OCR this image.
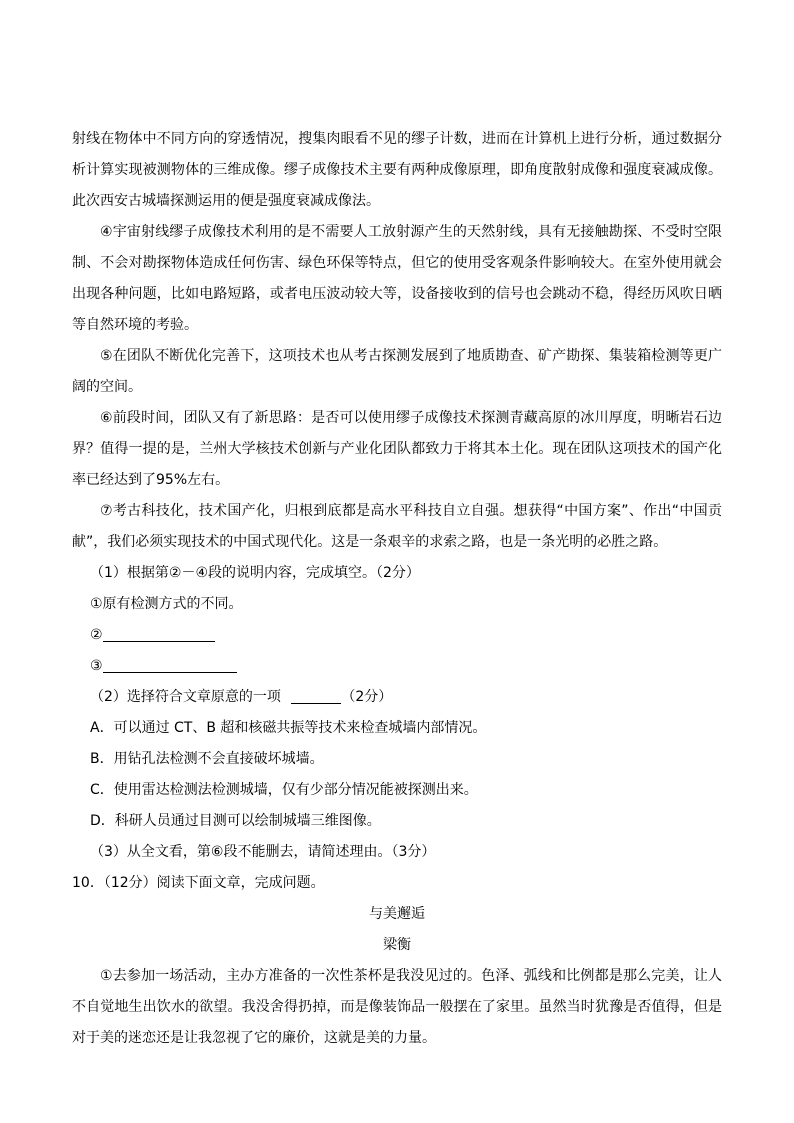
射线在物体中不同方向的穿透情况，搜集肉眼看不见的缪子计数，进而在计算机上进行分析，通过数据分析计算实现被测物体的三维成像。缪子成像技术主要有两种成像原理，即角度散射成像和强度衰减成像。此次西安古城墙探测运用的便是强度衰减成像法。

④宇宙射线缪子成像技术利用的是不需要人工放射源产生的天然射线，具有无接触勘探、不受时空限制、不会对勘探物体造成任何伤害、绿色环保等特点，但它的使用受客观条件影响较大。在室外使用就会出现各种问题，比如电路短路，或者电压波动较大等，设备接收到的信号也会跳动不稳，得经历风吹日晒等自然环境的考验。

⑤在团队不断优化完善下，这项技术也从考古探测发展到了地质勘查、矿产勘探、集装箱检测等更广阔的空间。

⑥前段时间，团队又有了新思路：是否可以使用缪子成像技术探测青藏高原的冰川厚度，明晰岩石边界？值得一提的是，兰州大学核技术创新与产业化团队都致力于将其本土化。现在团队这项技术的国产化率已经达到了95%左右。

⑦考古科技化，技术国产化，归根到底都是高水平科技自立自强。想获得“中国方案”、作出“中国贡献”，我们必须实现技术的中国式现代化。这是一条艰辛的求索之路，也是一条光明的必胜之路。

（1）根据第②－④段的说明内容，完成填空。（2分）

①原有检测方式的不同。

②

③

（2）选择符合文章原意的一项	（2分）

A．可以通过 CT、B 超和核磁共振等技术来检查城墙内部情况。

B．用钻孔法检测不会直接破坏城墙。

C．使用雷达检测法检测城墙，仅有少部分情况能被探测出来。

D．科研人员通过目测可以绘制城墙三维图像。

（3）从全文看，第⑥段不能删去，请简述理由。（3分）

10．（12分）阅读下面文章，完成问题。

与美邂逅

梁衡

①去参加一场活动，主办方准备的一次性茶杯是我没见过的。色泽、弧线和比例都是那么完美，让人不自觉地生出饮水的欲望。我没舍得扔掉，而是像装饰品一般摆在了家里。虽然当时犹豫是否值得，但是对于美的迷恋还是让我忽视了它的廉价，这就是美的力量。
